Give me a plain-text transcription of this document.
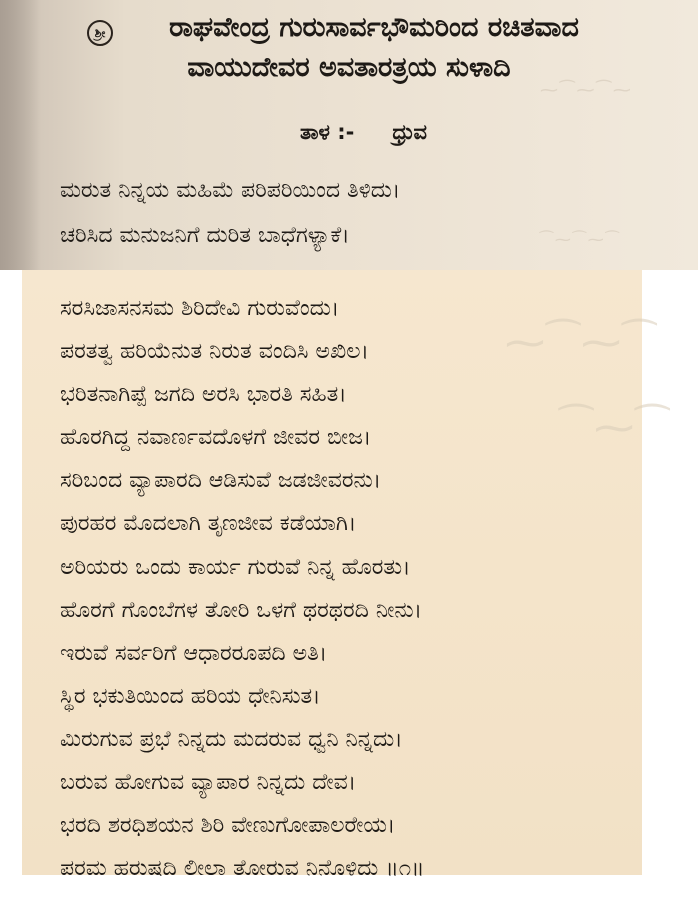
⁓⁀⁓⁀
⁀⁓⁀
⁓⁀⁓⁀⁓
⁀⁓⁀⁓⁀
ಶ್ರೀ	ರಾಘವೇಂದ್ರ ಗುರುಸಾರ್ವಭೌಮರಿಂದ ರಚಿತವಾದ
ವಾಯುದೇವರ ಅವತಾರತ್ರಯ ಸುಳಾದಿ
ತಾಳ :- ಧ್ರುವ
ಮರುತ ನಿನ್ನಯ ಮಹಿಮೆ ಪರಿಪರಿಯಿಂದ ತಿಳಿದು।
ಚರಿಸಿದ ಮನುಜನಿಗೆ ದುರಿತ ಬಾಧೆಗಳ್ಯಾಕೆ।
ಸರಸಿಜಾಸನಸಮ ಶಿರಿದೇವಿ ಗುರುವೆಂದು।
ಪರತತ್ವ ಹರಿಯೆನುತ ನಿರುತ ವಂದಿಸಿ ಅಖಿಲ।
ಭರಿತನಾಗಿಪ್ಪೆ ಜಗದಿ ಅರಸಿ ಭಾರತಿ ಸಹಿತ।
ಹೊರಗಿದ್ದ ನವಾರ್ಣವದೊಳಗೆ ಜೀವರ ಬೀಜ।
ಸರಿಬಂದ ವ್ಯಾಪಾರದಿ ಆಡಿಸುವೆ ಜಡಜೀವರನು।
ಪುರಹರ ಮೊದಲಾಗಿ ತೃಣಜೀವ ಕಡೆಯಾಗಿ।
ಅರಿಯರು ಒಂದು ಕಾರ್ಯ ಗುರುವೆ ನಿನ್ನ ಹೊರತು।
ಹೊರಗೆ ಗೊಂಬೆಗಳ ತೋರಿ ಒಳಗೆ ಥರಥರದಿ ನೀನು।
ಇರುವೆ ಸರ್ವರಿಗೆ ಆಧಾರರೂಪದಿ ಅತಿ।
ಸ್ಥಿರ ಭಕುತಿಯಿಂದ ಹರಿಯ ಧೇನಿಸುತ।
ಮಿರುಗುವ ಪ್ರಭೆ ನಿನ್ನದು ಮದರುವ ಧ್ವನಿ ನಿನ್ನದು।
ಬರುವ ಹೋಗುವ ವ್ಯಾಪಾರ ನಿನ್ನದು ದೇವ।
ಭರದಿ ಶರಧಿಶಯನ ಶಿರಿ ವೇಣುಗೋಪಾಲರೇಯ।
ಪರಮ ಹರುಷದಿ ಲೀಲಾ ತೋರುವ ನಿನೊಳಿದು ॥೧॥
